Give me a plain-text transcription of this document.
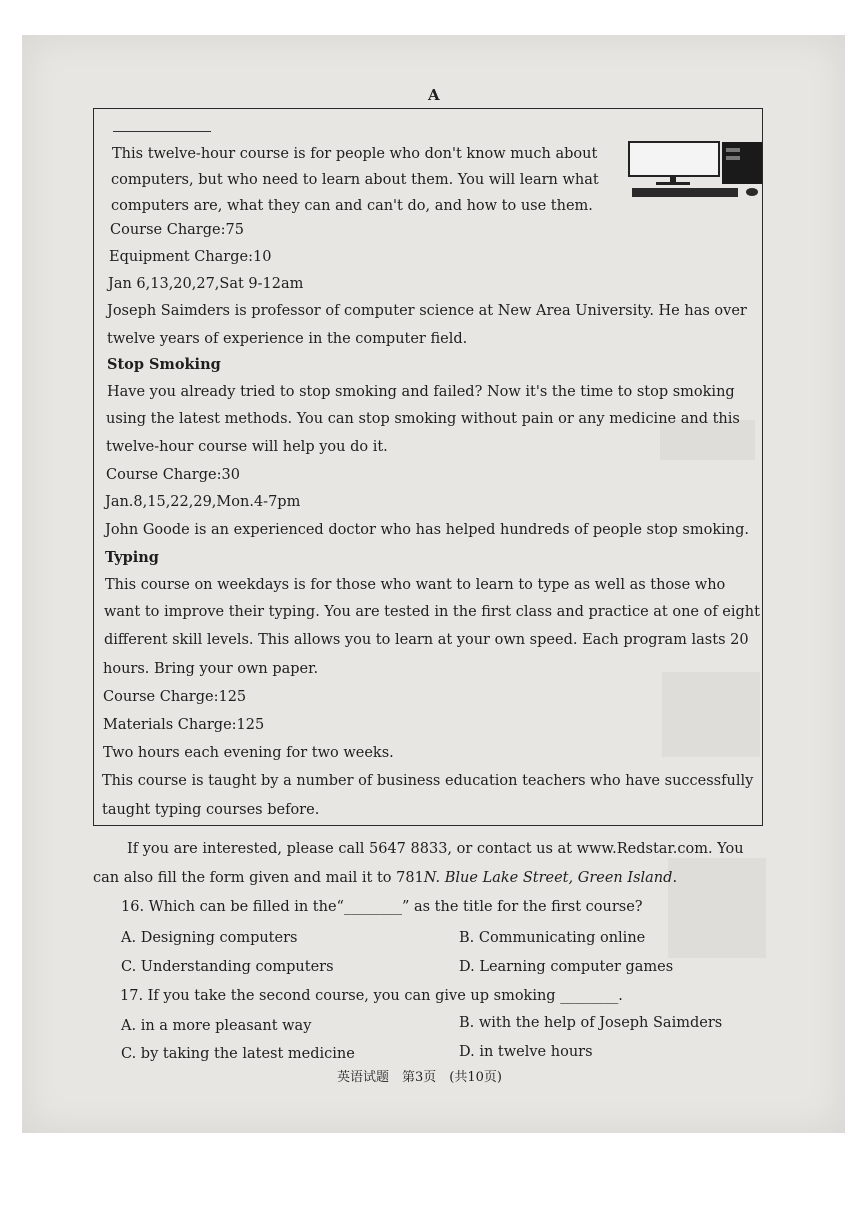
A
This twelve-hour course is for people who don't know much about
computers, but who need to learn about them. You will learn what
computers are, what they can and can't do, and how to use them.
Course Charge:75
Equipment Charge:10
Jan 6,13,20,27,Sat 9-12am
Joseph Saimders is professor of computer science at New Area University. He has over
twelve years of experience in the computer field.
Stop Smoking
Have you already tried to stop smoking and failed? Now it's the time to stop smoking
using the latest methods. You can stop smoking without pain or any medicine and this
twelve-hour course will help you do it.
Course Charge:30
Jan.8,15,22,29,Mon.4-7pm
John Goode is an experienced doctor who has helped hundreds of people stop smoking.
Typing
This course on weekdays is for those who want to learn to type as well as those who
want to improve their typing. You are tested in the first class and practice at one of eight
different skill levels. This allows you to learn at your own speed. Each program lasts 20
hours. Bring your own paper.
Course Charge:125
Materials Charge:125
Two hours each evening for two weeks.
This course is taught by a number of business education teachers who have successfully
taught typing courses before.
If you are interested, please call 5647 8833, or contact us at www.Redstar.com. You
can also fill the form given and mail it to 781N. Blue Lake Street, Green Island.
16. Which can be filled in the“________” as the title for the first course?
A. Designing computers	B. Communicating online
C. Understanding computers	D. Learning computer games
17. If you take the second course, you can give up smoking ________.
A. in a more pleasant way	B. with the help of Joseph Saimders
C. by taking the latest medicine	D. in twelve hours
英语试题　第3页　(共10页)
